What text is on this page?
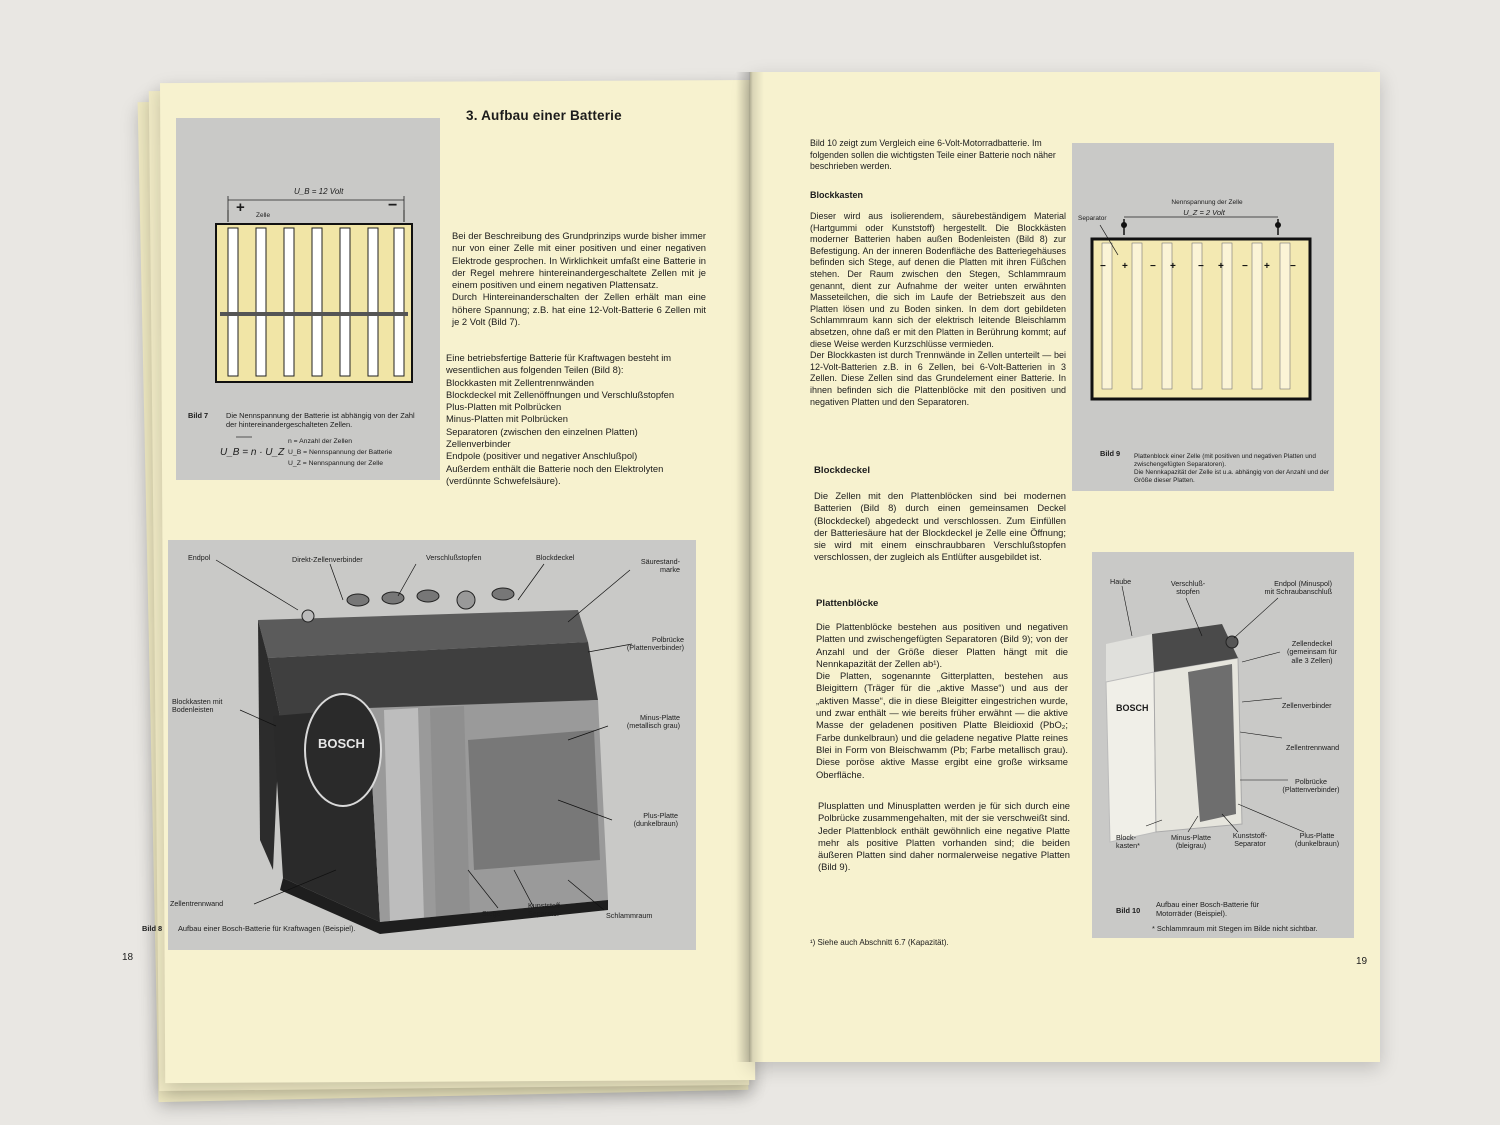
3. Aufbau einer Batterie
U_B = 12 Volt
+	−
Zelle
Bild 7 Die Nennspannung der Batterie ist abhängig von der Zahl der hintereinandergeschalteten Zellen.
U_B = n · U_Z
n = Anzahl der Zellen
U_B = Nennspannung der Batterie
U_Z = Nennspannung der Zelle
Bei der Beschreibung des Grundprinzips wurde bisher immer nur von einer Zelle mit einer positiven und einer negativen Elektrode gesprochen. In Wirklichkeit umfaßt eine Batterie in der Regel mehrere hintereinandergeschaltete Zellen mit je einem positiven und einem negativen Plattensatz.
Durch Hintereinanderschalten der Zellen erhält man eine höhere Spannung; z.B. hat eine 12-Volt-Batterie 6 Zellen mit je 2 Volt (Bild 7).
Eine betriebsfertige Batterie für Kraftwagen besteht im wesentlichen aus folgenden Teilen (Bild 8):
Blockkasten mit Zellentrennwänden
Blockdeckel mit Zellenöffnungen und Verschlußstopfen
Plus-Platten mit Polbrücken
Minus-Platten mit Polbrücken
Separatoren (zwischen den einzelnen Platten)
Zellenverbinder
Endpole (positiver und negativer Anschlußpol)
Außerdem enthält die Batterie noch den Elektrolyten (verdünnte Schwefelsäure).
BOSCH
Endpol	Direkt-Zellenverbinder	Verschlußstopfen	Blockdeckel	Säurestand-
marke
Polbrücke
(Plattenverbinder)
Blockkasten mit
Bodenleisten
Minus-Platte
(metallisch grau)
Plus-Platte
(dunkelbraun)
Zellentrennwand
Stege
Kunststoff-
Separator	Schlammraum
Bild 8 Aufbau einer Bosch-Batterie für Kraftwagen (Beispiel).
18
Bild 10 zeigt zum Vergleich eine 6-Volt-Motorradbatterie. Im folgenden sollen die wichtigsten Teile einer Batterie noch näher beschrieben werden.
Blockkasten
Dieser wird aus isolierendem, säurebeständigem Material (Hartgummi oder Kunststoff) hergestellt. Die Blockkästen moderner Batterien haben außen Bodenleisten (Bild 8) zur Befestigung. An der inneren Bodenfläche des Batteriegehäuses befinden sich Stege, auf denen die Platten mit ihren Füßchen stehen. Der Raum zwischen den Stegen, Schlammraum genannt, dient zur Aufnahme der weiter unten erwähnten Masseteilchen, die sich im Laufe der Betriebszeit aus den Platten lösen und zu Boden sinken. In dem dort gebildeten Schlammraum kann sich der elektrisch leitende Bleischlamm absetzen, ohne daß er mit den Platten in Berührung kommt; auf diese Weise werden Kurzschlüsse vermieden.
Der Blockkasten ist durch Trennwände in Zellen unterteilt — bei 12-Volt-Batterien z.B. in 6 Zellen, bei 6-Volt-Batterien in 3 Zellen. Diese Zellen sind das Grundelement einer Batterie. In ihnen befinden sich die Plattenblöcke mit den positiven und negativen Platten und den Separatoren.
Blockdeckel
Die Zellen mit den Plattenblöcken sind bei modernen Batterien (Bild 8) durch einen gemeinsamen Deckel (Blockdeckel) abgedeckt und verschlossen. Zum Einfüllen der Batteriesäure hat der Blockdeckel je Zelle eine Öffnung; sie wird mit einem einschraubbaren Verschlußstopfen verschlossen, der zugleich als Entlüfter ausgebildet ist.
Plattenblöcke
Die Plattenblöcke bestehen aus positiven und negativen Platten und zwischengefügten Separatoren (Bild 9); von der Anzahl und der Größe dieser Platten hängt mit die Nennkapazität der Zellen ab¹).
Die Platten, sogenannte Gitterplatten, bestehen aus Bleigittern (Träger für die „aktive Masse“) und aus der „aktiven Masse“, die in diese Bleigitter eingestrichen wurde, und zwar enthält — wie bereits früher erwähnt — die aktive Masse der geladenen positiven Platte Bleidioxid (PbO₂; Farbe dunkelbraun) und die geladene negative Platte reines Blei in Form von Bleischwamm (Pb; Farbe metallisch grau). Diese poröse aktive Masse ergibt eine große wirksame Oberfläche.
Plusplatten und Minusplatten werden je für sich durch eine Polbrücke zusammengehalten, mit der sie verschweißt sind. Jeder Plattenblock enthält gewöhnlich eine negative Platte mehr als positive Platten vorhanden sind; die beiden äußeren Platten sind daher normalerweise negative Platten (Bild 9).
¹) Siehe auch Abschnitt 6.7 (Kapazität).
− + − + − + − + −
Nennspannung der Zelle
U_Z = 2 Volt
Separator
Bild 9 Plattenblock einer Zelle (mit positiven und negativen Platten und zwischengefügten Separatoren).
Die Nennkapazität der Zelle ist u.a. abhängig von der Anzahl und der Größe dieser Platten.
BOSCH
Haube	Verschluß-
stopfen
Endpol (Minuspol)
mit Schraubanschluß
Zellendeckel
(gemeinsam für
alle 3 Zellen)
Zellenverbinder
Zellentrennwand
Polbrücke
(Plattenverbinder)
Block-
kasten*
Minus-Platte
(bleigrau)
Kunststoff-
Separator
Plus-Platte
(dunkelbraun)
Bild 10
Aufbau einer Bosch-Batterie für Motorräder (Beispiel).
* Schlammraum mit Stegen im Bilde nicht sichtbar.
19
